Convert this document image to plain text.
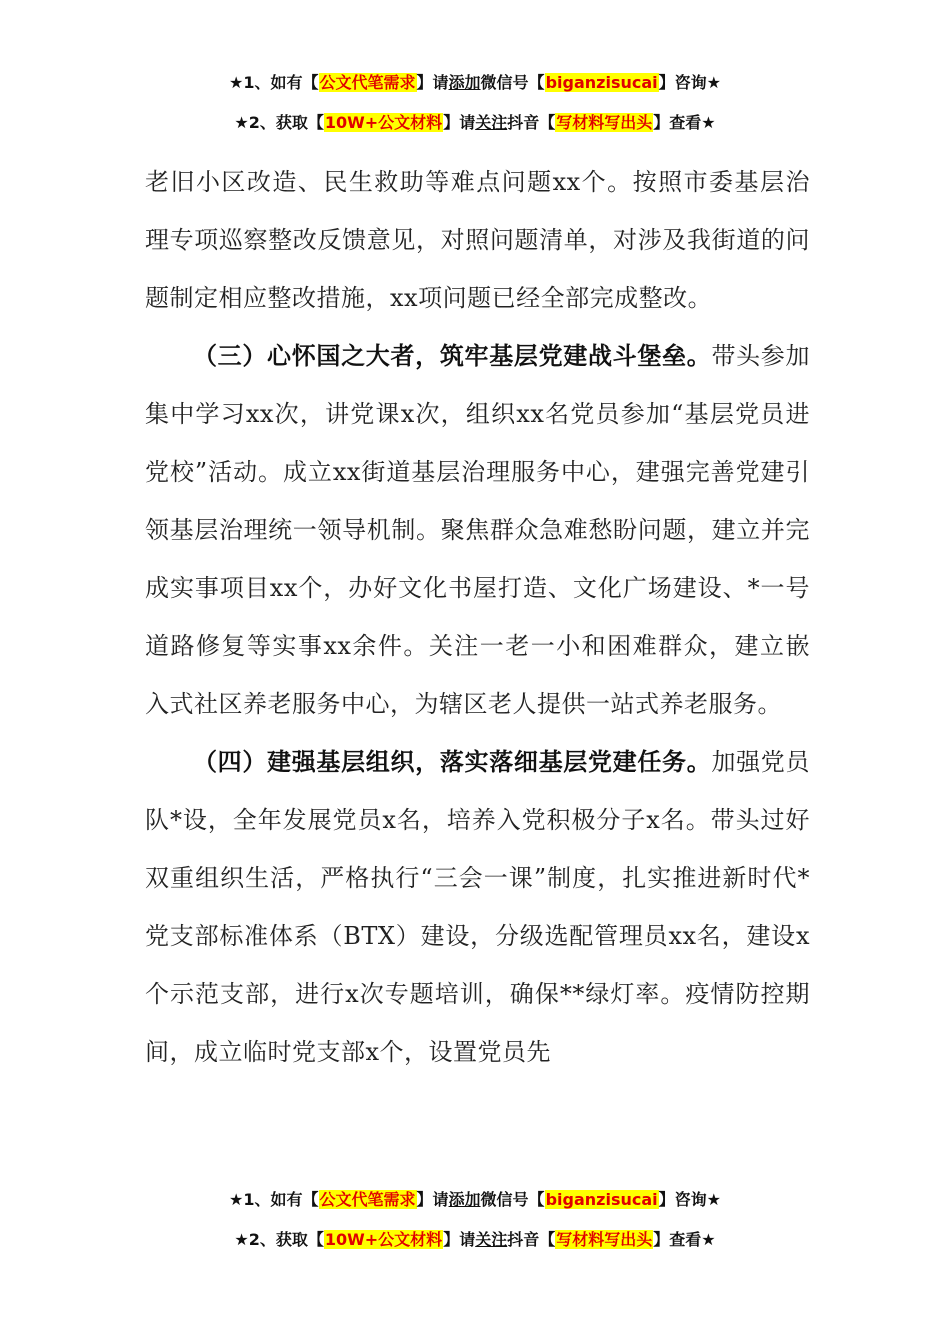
★1、如有【公文代笔需求】请添加微信号【biganzisucai】咨询★
★2、获取【10W+公文材料】请关注抖音【写材料写出头】查看★

老旧小区改造、民生救助等难点问题xx个。按照市委基层治理专项巡察整改反馈意见，对照问题清单，对涉及我街道的问题制定相应整改措施，xx项问题已经全部完成整改。

（三）心怀国之大者，筑牢基层党建战斗堡垒。带头参加集中学习xx次，讲党课x次，组织xx名党员参加“基层党员进党校”活动。成立xx街道基层治理服务中心，建强完善党建引领基层治理统一领导机制。聚焦群众急难愁盼问题，建立并完成实事项目xx个，办好文化书屋打造、文化广场建设、*一号道路修复等实事xx余件。关注一老一小和困难群众，建立嵌入式社区养老服务中心，为辖区老人提供一站式养老服务。

（四）建强基层组织，落实落细基层党建任务。加强党员队*设，全年发展党员x名，培养入党积极分子x名。带头过好双重组织生活，严格执行“三会一课”制度，扎实推进新时代*党支部标准体系（BTX）建设，分级选配管理员xx名，建设x个示范支部，进行x次专题培训，确保**绿灯率。疫情防控期间，成立临时党支部x个，设置党员先

★1、如有【公文代笔需求】请添加微信号【biganzisucai】咨询★
★2、获取【10W+公文材料】请关注抖音【写材料写出头】查看★
